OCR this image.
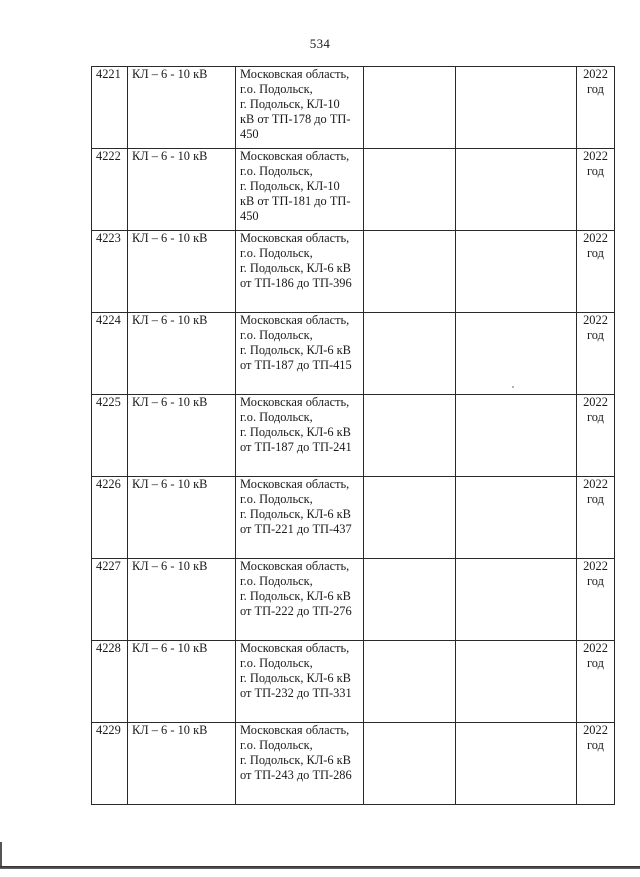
534
4221	КЛ – 6 - 10 кВ	Московская область,
г.о. Подольск,
г. Подольск, КЛ-10
кВ от ТП-178 до ТП-
450			2022
год

4222	КЛ – 6 - 10 кВ	Московская область,
г.о. Подольск,
г. Подольск, КЛ-10
кВ от ТП-181 до ТП-
450			2022
год

4223	КЛ – 6 - 10 кВ	Московская область,
г.о. Подольск,
г. Подольск, КЛ-6 кВ
от ТП-186 до ТП-396			2022
год

4224	КЛ – 6 - 10 кВ	Московская область,
г.о. Подольск,
г. Подольск, КЛ-6 кВ
от ТП-187 до ТП-415			2022
год

4225	КЛ – 6 - 10 кВ	Московская область,
г.о. Подольск,
г. Подольск, КЛ-6 кВ
от ТП-187 до ТП-241			2022
год

4226	КЛ – 6 - 10 кВ	Московская область,
г.о. Подольск,
г. Подольск, КЛ-6 кВ
от ТП-221 до ТП-437			2022
год

4227	КЛ – 6 - 10 кВ	Московская область,
г.о. Подольск,
г. Подольск, КЛ-6 кВ
от ТП-222 до ТП-276			2022
год

4228	КЛ – 6 - 10 кВ	Московская область,
г.о. Подольск,
г. Подольск, КЛ-6 кВ
от ТП-232 до ТП-331			2022
год

4229	КЛ – 6 - 10 кВ	Московская область,
г.о. Подольск,
г. Подольск, КЛ-6 кВ
от ТП-243 до ТП-286			2022
год
